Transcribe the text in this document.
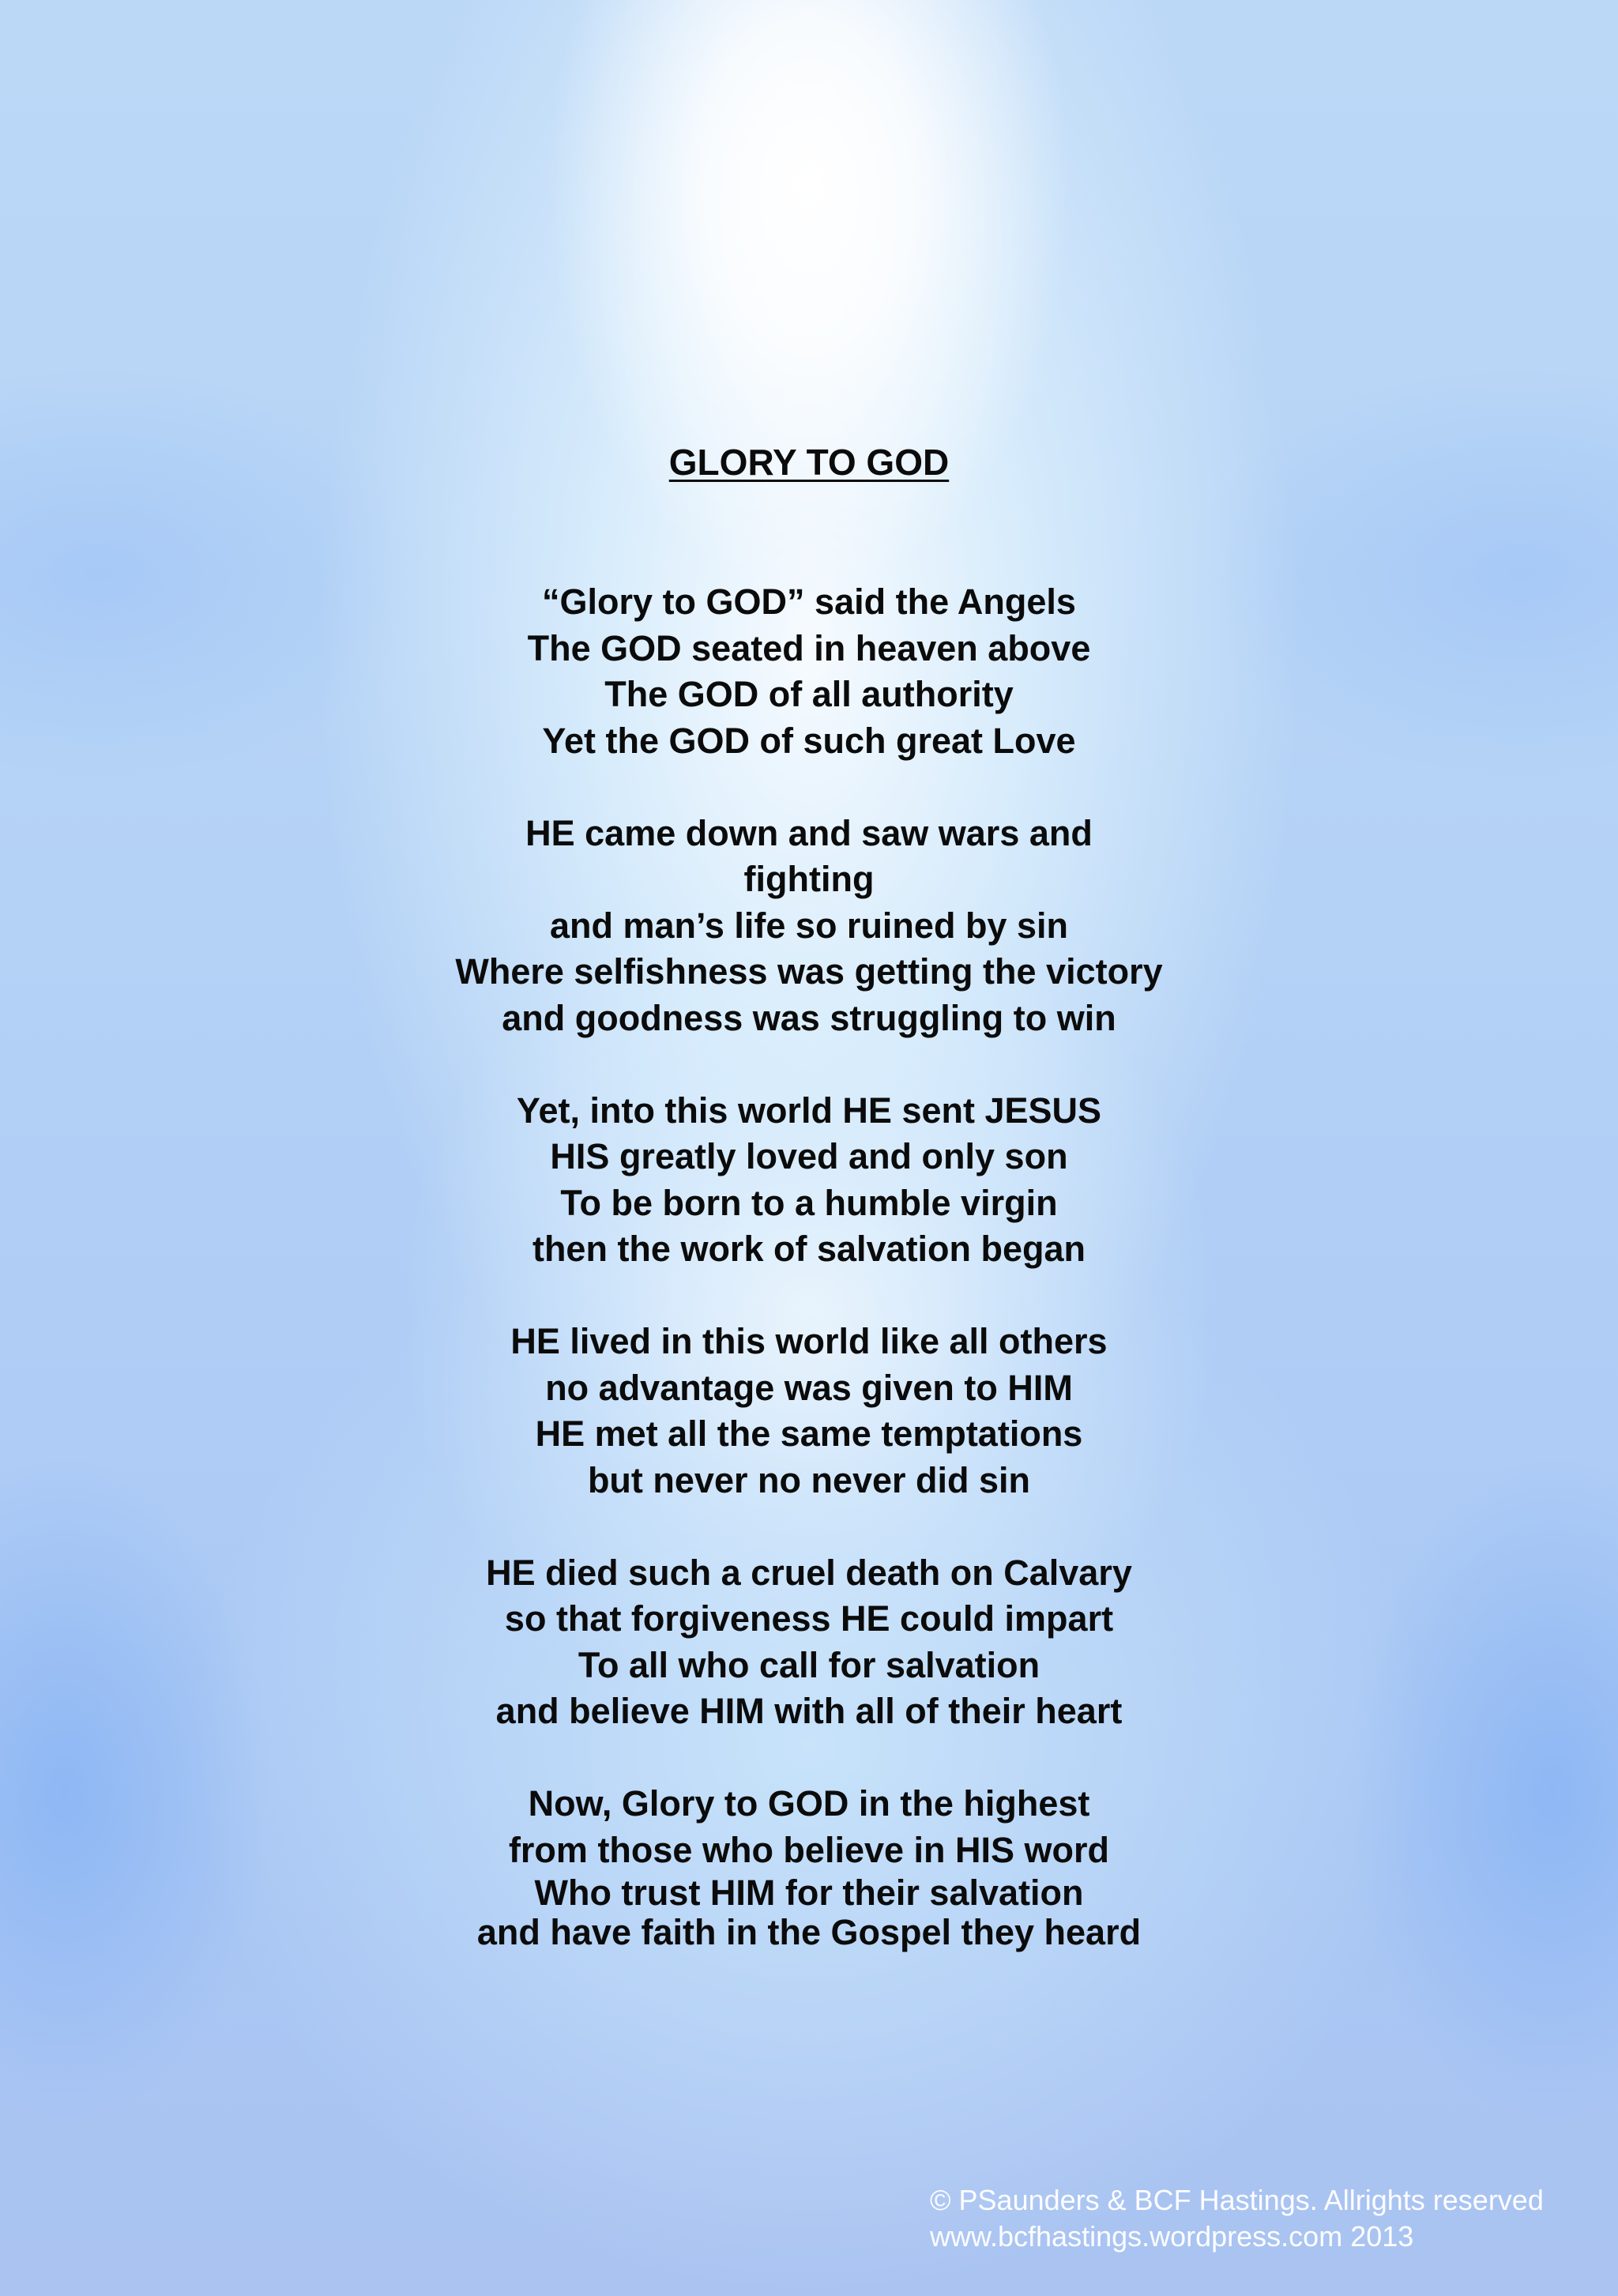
GLORY TO GOD
“Glory to GOD” said the Angels
The GOD seated in heaven above
The GOD of all authority
Yet the GOD of such great Love
HE came down and saw wars and
fighting
and man’s life so ruined by sin
Where selfishness was getting the victory
and goodness was struggling to win
Yet, into this world HE sent JESUS
HIS greatly loved and only son
To be born to a humble virgin
then the work of salvation began
HE lived in this world like all others
no advantage was given to HIM
HE met all the same temptations
but never no never did sin
HE died such a cruel death on Calvary
so that forgiveness HE could impart
To all who call for salvation
and believe HIM with all of their heart
Now, Glory to GOD in the highest
from those who believe in HIS word
Who trust HIM for their salvation
and have faith in the Gospel they heard
© PSaunders & BCF Hastings. Allrights reserved
www.bcfhastings.wordpress.com 2013
